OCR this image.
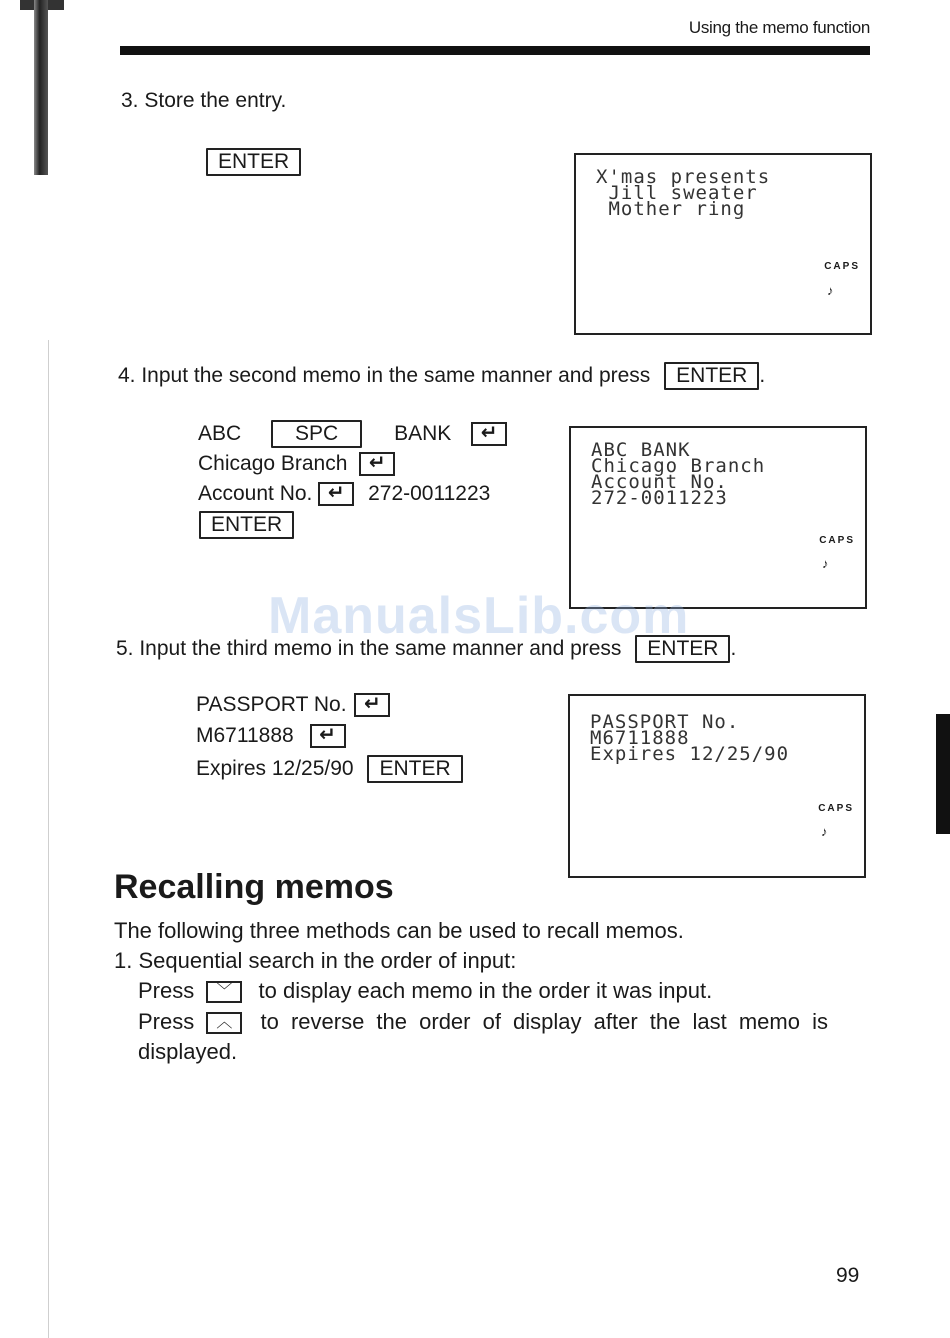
Using the memo function
3. Store the entry.
ENTER
X'mas presents
Jill sweater
Mother ring
CAPS
♪
4. Input the second memo in the same manner and press ENTER .
ABC	SPC	BANK ↵
Chicago Branch ↵
Account No. ↵	272-0011223
ENTER
ABC BANK
Chicago Branch
Account No.
272-0011223
CAPS
♪
ManualsLib.com
5. Input the third memo in the same manner and press ENTER .
PASSPORT No. ↵
M6711888 ↵
Expires 12/25/90 ENTER
PASSPORT No.
M6711888
Expires 12/25/90
CAPS
♪
Recalling memos
The following three methods can be used to recall memos.
1. Sequential search in the order of input:
Press ﹀ to display each memo in the order it was input.
Press ︿ to reverse the order of display after the last memo is
displayed.
99
